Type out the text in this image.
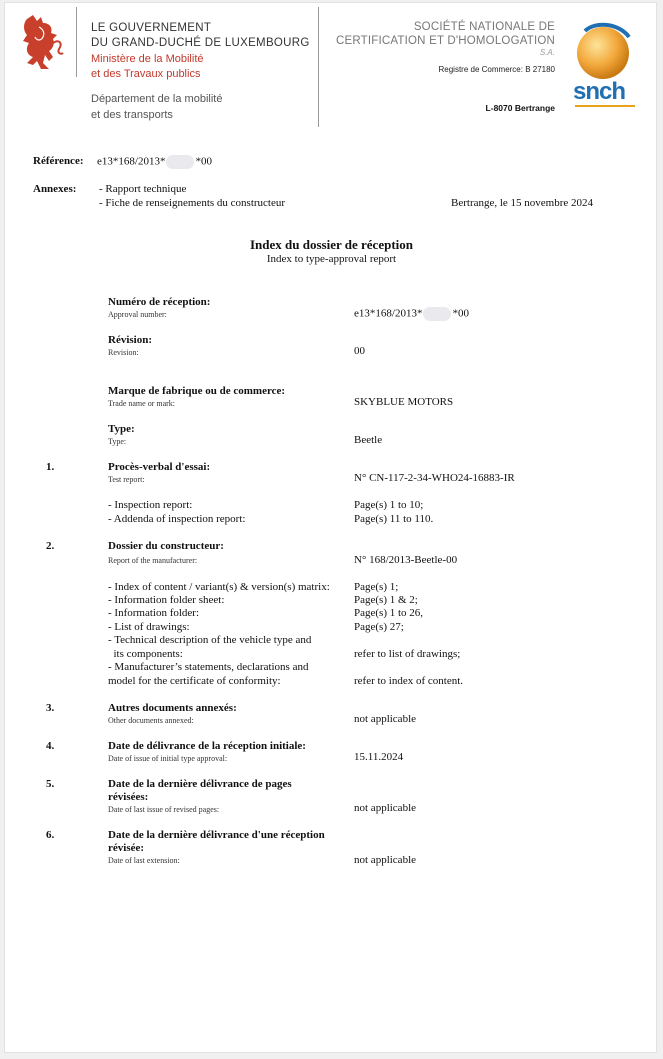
LE GOUVERNEMENT
DU GRAND-DUCHÉ DE LUXEMBOURG
Ministère de la Mobilité
et des Travaux publics
Département de la mobilité
et des transports
SOCIÉTÉ NATIONALE DE
CERTIFICATION ET D'HOMOLOGATION
S.A.
Registre de Commerce: B 27180
L-8070 Bertrange
snch
Référence: e13*168/2013*	*00
Annexes: - Rapport technique
- Fiche de renseignements du constructeur	Bertrange, le 15 novembre 2024
Index du dossier de réception
Index to type-approval report
Numéro de réception:
Approval number:	e13*168/2013*	*00
Révision:
Revision:	00
Marque de fabrique ou de commerce:
Trade name or mark:	SKYBLUE MOTORS
Type:
Type:	Beetle
1.	Procès-verbal d'essai:
Test report:	N° CN-117-2-34-WHO24-16883-IR
- Inspection report:	Page(s) 1 to 10;
- Addenda of inspection report:	Page(s) 11 to 110.
2.	Dossier du constructeur:
Report of the manufacturer:	N° 168/2013-Beetle-00
- Index of content / variant(s) & version(s) matrix: Page(s) 1;
- Information folder sheet:	Page(s) 1 & 2;
- Information folder:	Page(s) 1 to 26,
- List of drawings:	Page(s) 27;
- Technical description of the vehicle type and
its components:	refer to list of drawings;
- Manufacturer’s statements, declarations and
model for the certificate of conformity:	refer to index of content.
3.	Autres documents annexés:
Other documents annexed:	not applicable
4.	Date de délivrance de la réception initiale:
Date of issue of initial type approval:	15.11.2024
5.	Date de la dernière délivrance de pages
révisées:
Date of last issue of revised pages:	not applicable
6.	Date de la dernière délivrance d'une réception
révisée:
Date of last extension:	not applicable
